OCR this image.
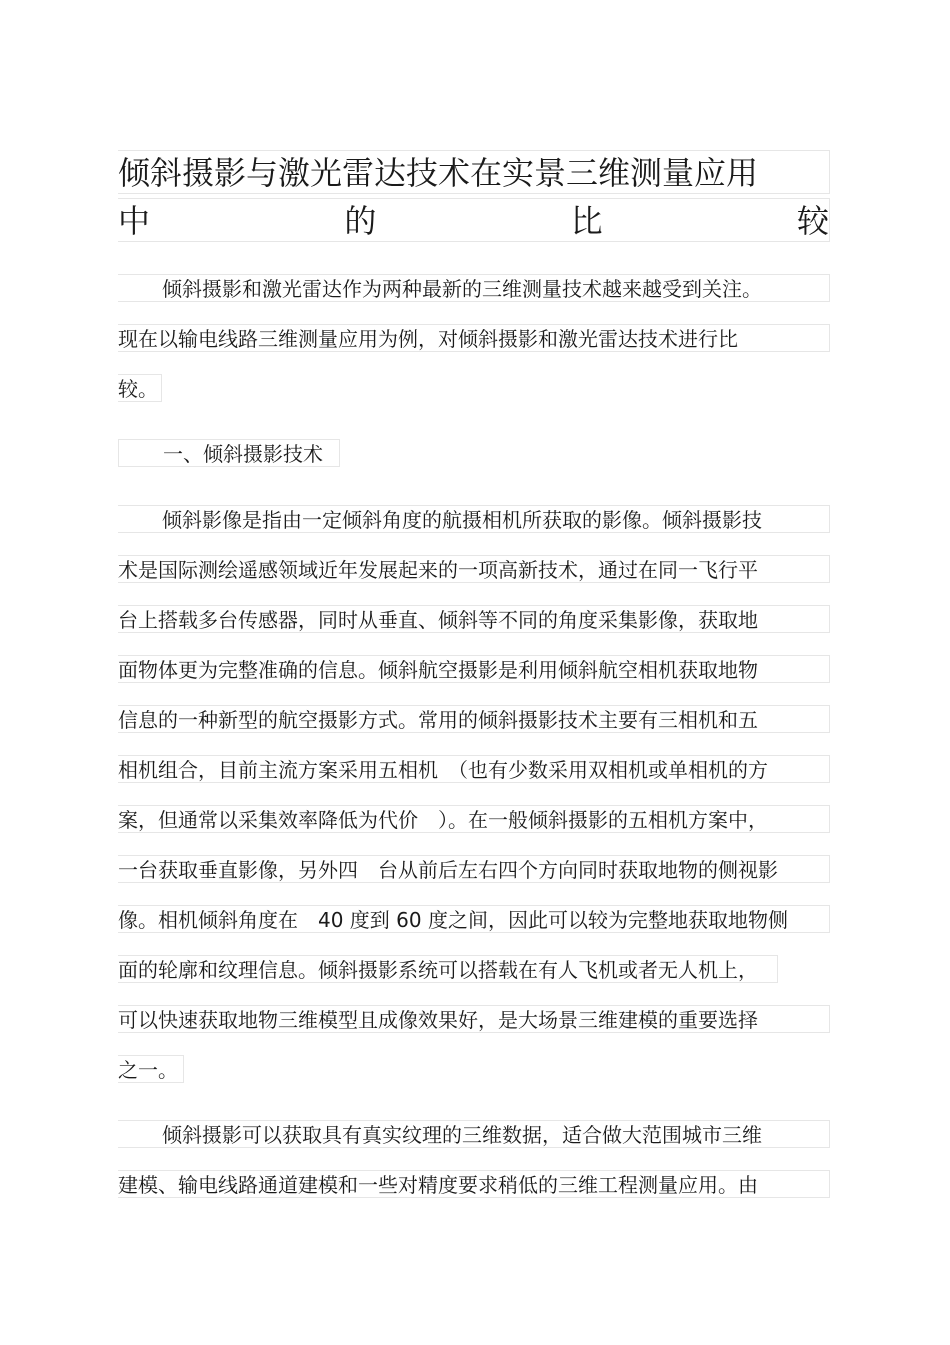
倾斜摄影与激光雷达技术在实景三维测量应用
中	的	比	较
倾斜摄影和激光雷达作为两种最新的三维测量技术越来越受到关注。
现在以输电线路三维测量应用为例，对倾斜摄影和激光雷达技术进行比
较。
一、倾斜摄影技术
倾斜影像是指由一定倾斜角度的航摄相机所获取的影像。倾斜摄影技
术是国际测绘遥感领域近年发展起来的一项高新技术，通过在同一飞行平
台上搭载多台传感器，同时从垂直、倾斜等不同的角度采集影像，获取地
面物体更为完整准确的信息。倾斜航空摄影是利用倾斜航空相机获取地物
信息的一种新型的航空摄影方式。常用的倾斜摄影技术主要有三相机和五
相机组合，目前主流方案采用五相机　（也有少数采用双相机或单相机的方
案，但通常以采集效率降低为代价　）。在一般倾斜摄影的五相机方案中，
一台获取垂直影像，另外四　台从前后左右四个方向同时获取地物的侧视影
像。相机倾斜角度在　40 度到 60 度之间，因此可以较为完整地获取地物侧
面的轮廓和纹理信息。倾斜摄影系统可以搭载在有人飞机或者无人机上，
可以快速获取地物三维模型且成像效果好，是大场景三维建模的重要选择
之一。
倾斜摄影可以获取具有真实纹理的三维数据，适合做大范围城市三维
建模、输电线路通道建模和一些对精度要求稍低的三维工程测量应用。由
